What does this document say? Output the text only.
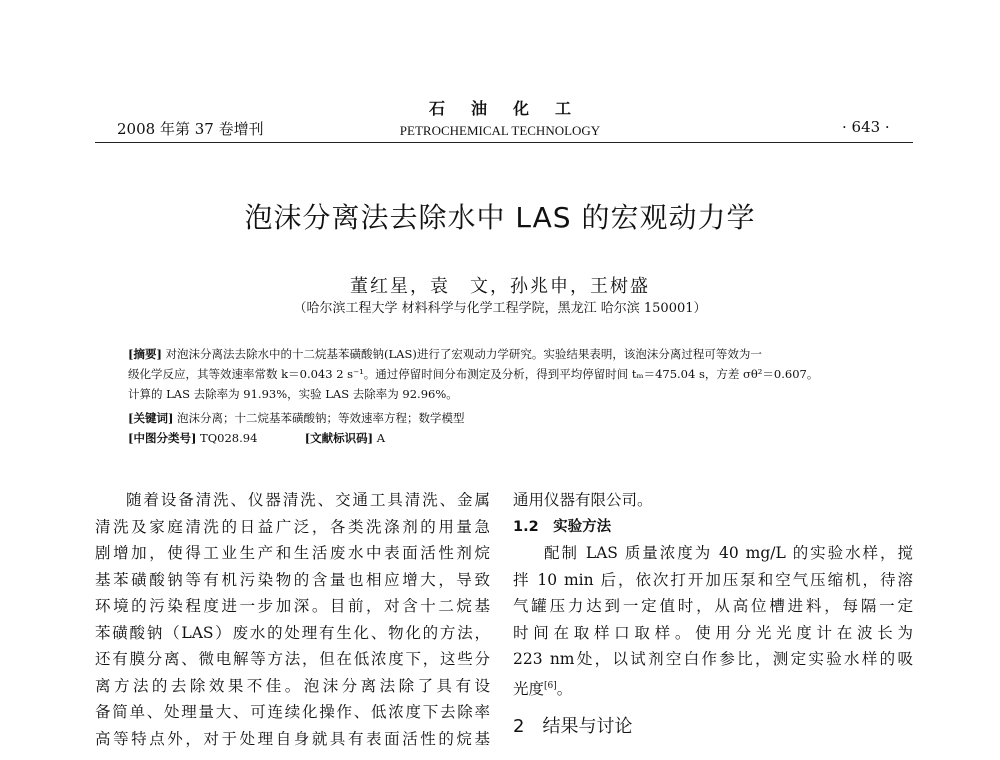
2008 年第 37 卷增刊
石油化工
PETROCHEMICAL TECHNOLOGY	· 643 ·
泡沫分离法去除水中 LAS 的宏观动力学
董红星，袁　文，孙兆申，王树盛
（哈尔滨工程大学 材料科学与化学工程学院，黑龙江 哈尔滨 150001）
[摘要] 对泡沫分离法去除水中的十二烷基苯磺酸钠(LAS)进行了宏观动力学研究。实验结果表明，该泡沫分离过程可等效为一
级化学反应，其等效速率常数 k＝0.043 2 s⁻¹。通过停留时间分布测定及分析，得到平均停留时间 tₘ＝475.04 s，方差 σθ²＝0.607。
计算的 LAS 去除率为 91.93%，实验 LAS 去除率为 92.96%。
[关键词] 泡沫分离；十二烷基苯磺酸钠；等效速率方程；数学模型
[中图分类号] TQ028.94	[文献标识码] A
随着设备清洗、仪器清洗、交通工具清洗、金属
清洗及家庭清洗的日益广泛，各类洗涤剂的用量急
剧增加，使得工业生产和生活废水中表面活性剂烷
基苯磺酸钠等有机污染物的含量也相应增大，导致
环境的污染程度进一步加深。目前，对含十二烷基
苯磺酸钠（LAS）废水的处理有生化、物化的方法，
还有膜分离、微电解等方法，但在低浓度下，这些分
离方法的去除效果不佳。泡沫分离法除了具有设
备简单、处理量大、可连续化操作、低浓度下去除率
高等特点外，对于处理自身就具有表面活性的烷基
通用仪器有限公司。
1.2　实验方法
配制 LAS 质量浓度为 40 mg/L 的实验水样，搅
拌 10 min 后，依次打开加压泵和空气压缩机，待溶
气罐压力达到一定值时，从高位槽进料，每隔一定
时间在取样口取样。使用分光光度计在波长为
223 nm处，以试剂空白作参比，测定实验水样的吸
光度[6]。
2　结果与讨论
